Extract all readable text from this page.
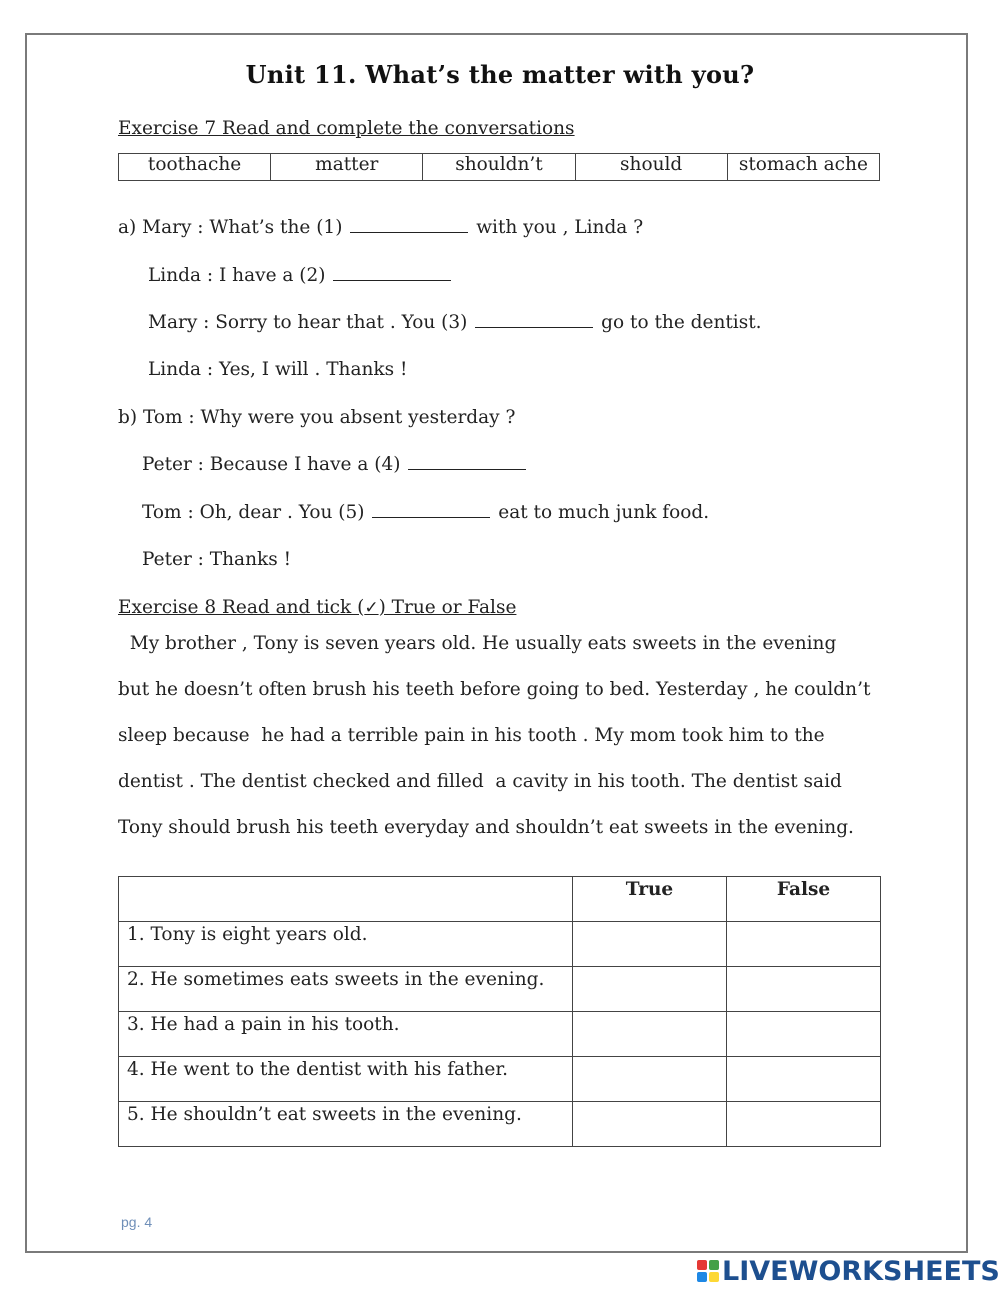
Unit 11. What’s the matter with you?
Exercise 7 Read and complete the conversations
toothache	matter	shouldn’t	should	stomach ache
a) Mary : What’s the (1)	with you , Linda ?
Linda : I have a (2)
Mary : Sorry to hear that . You (3)	go to the dentist.
Linda : Yes, I will . Thanks !
b) Tom : Why were you absent yesterday ?
Peter : Because I have a (4)
Tom : Oh, dear . You (5)	eat to much junk food.
Peter : Thanks !
Exercise 8 Read and tick (✓) True or False
My brother , Tony is seven years old. He usually eats sweets in the evening
but he doesn’t often brush his teeth before going to bed. Yesterday , he couldn’t
sleep because  he had a terrible pain in his tooth . My mom took him to the
dentist . The dentist checked and filled  a cavity in his tooth. The dentist said
Tony should brush his teeth everyday and shouldn’t eat sweets in the evening.
	True	False
1. Tony is eight years old.		
2. He sometimes eats sweets in the evening.		
3. He had a pain in his tooth.		
4. He went to the dentist with his father.		
5. He shouldn’t eat sweets in the evening.		
pg. 4
LIVEWORKSHEETS
